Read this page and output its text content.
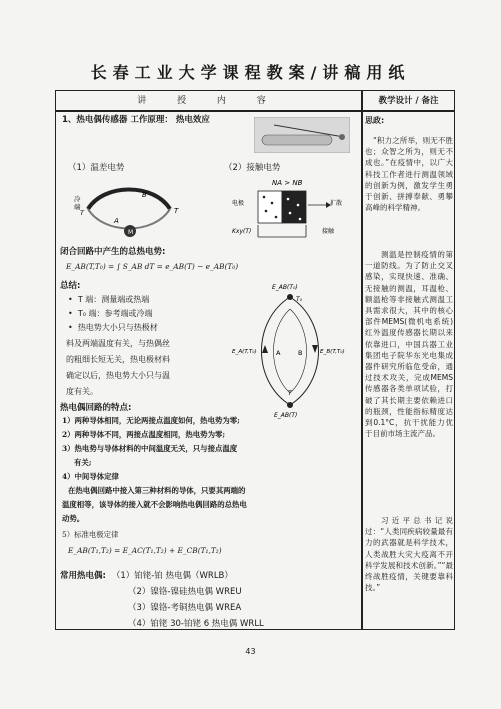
长春工业大学课程教案/讲稿用纸
讲 授 内 容	教学设计 / 备注
1、热电偶传感器 工作原理： 热电效应
（1）温差电势	（2）接触电势
M
冷
端
T
A
B
T
NA > NB
电极	扩散
Kxy(T)	接触
闭合回路中产生的总热电势:
E_AB(T,T₀) = ∫ S_AB dT = e_AB(T) − e_AB(T₀)
总结:
•  T 端：测量端或热端
•  T₀ 端：参考端或冷端
•  热电势大小只与热极材
料及两端温度有关，与热偶丝
的粗细长短无关，热电极材料
确定以后，热电势大小只与温
度有关。
E_AB(T₀)
T₀
E_A(T,T₀)	E_B(T,T₀)
A	B
T
E_AB(T)
热电偶回路的特点:
1）两种导体相同，无论两接点温度如何，热电势为零;
2）两种导体不同，两接点温度相同，热电势为零;
3）热电势与导体材料的中间温度无关，只与接点温度
有关;
4）中间导体定律
在热电偶回路中接入第三种材料的导体，只要其两端的
温度相等，该导体的接入就不会影响热电偶回路的总热电
动势。
5）标准电极定律
E_AB(T₁,T₂) = E_AC(T₁,T₂) + E_CB(T₁,T₂)
常用热电偶: （1）铂铑-铂 热电偶（WRLB）
（2）镍铬-镍硅热电偶 WREU
（3）镍铬-考铜热电偶 WREA
（4）铂铑 30-铂铑 6 热电偶 WRLL
思政:
“积力之所举，则无不胜也；众智之所为，则无不成也。”在疫情中，以广大科技工作者进行测温领域的创新为例，激发学生勇于创新、拼搏奉献、勇攀高峰的科学精神。
测温是控制疫情的第一道防线。为了防止交叉感染，实现快速、准确、无接触的测温，耳温枪、额温枪等非接触式测温工具需求很大，其中的核心部件MEMS(微机电系统)红外温度传感器长期以来依靠进口，中国兵器工业集团电子院华东光电集成器件研究所临危受命，通过技术攻关，完成MEMS传感器各类单项试验，打破了其长期主要依赖进口的瓶颈，性能指标精度达到0.1°C，抗干扰能力优于目前市场主流产品。
习近平总书记说过：“人类同疾病较量最有力的武器就是科学技术，人类战胜大灾大疫离不开科学发展和技术创新。”“最终战胜疫情，关键要靠科技。”
43
